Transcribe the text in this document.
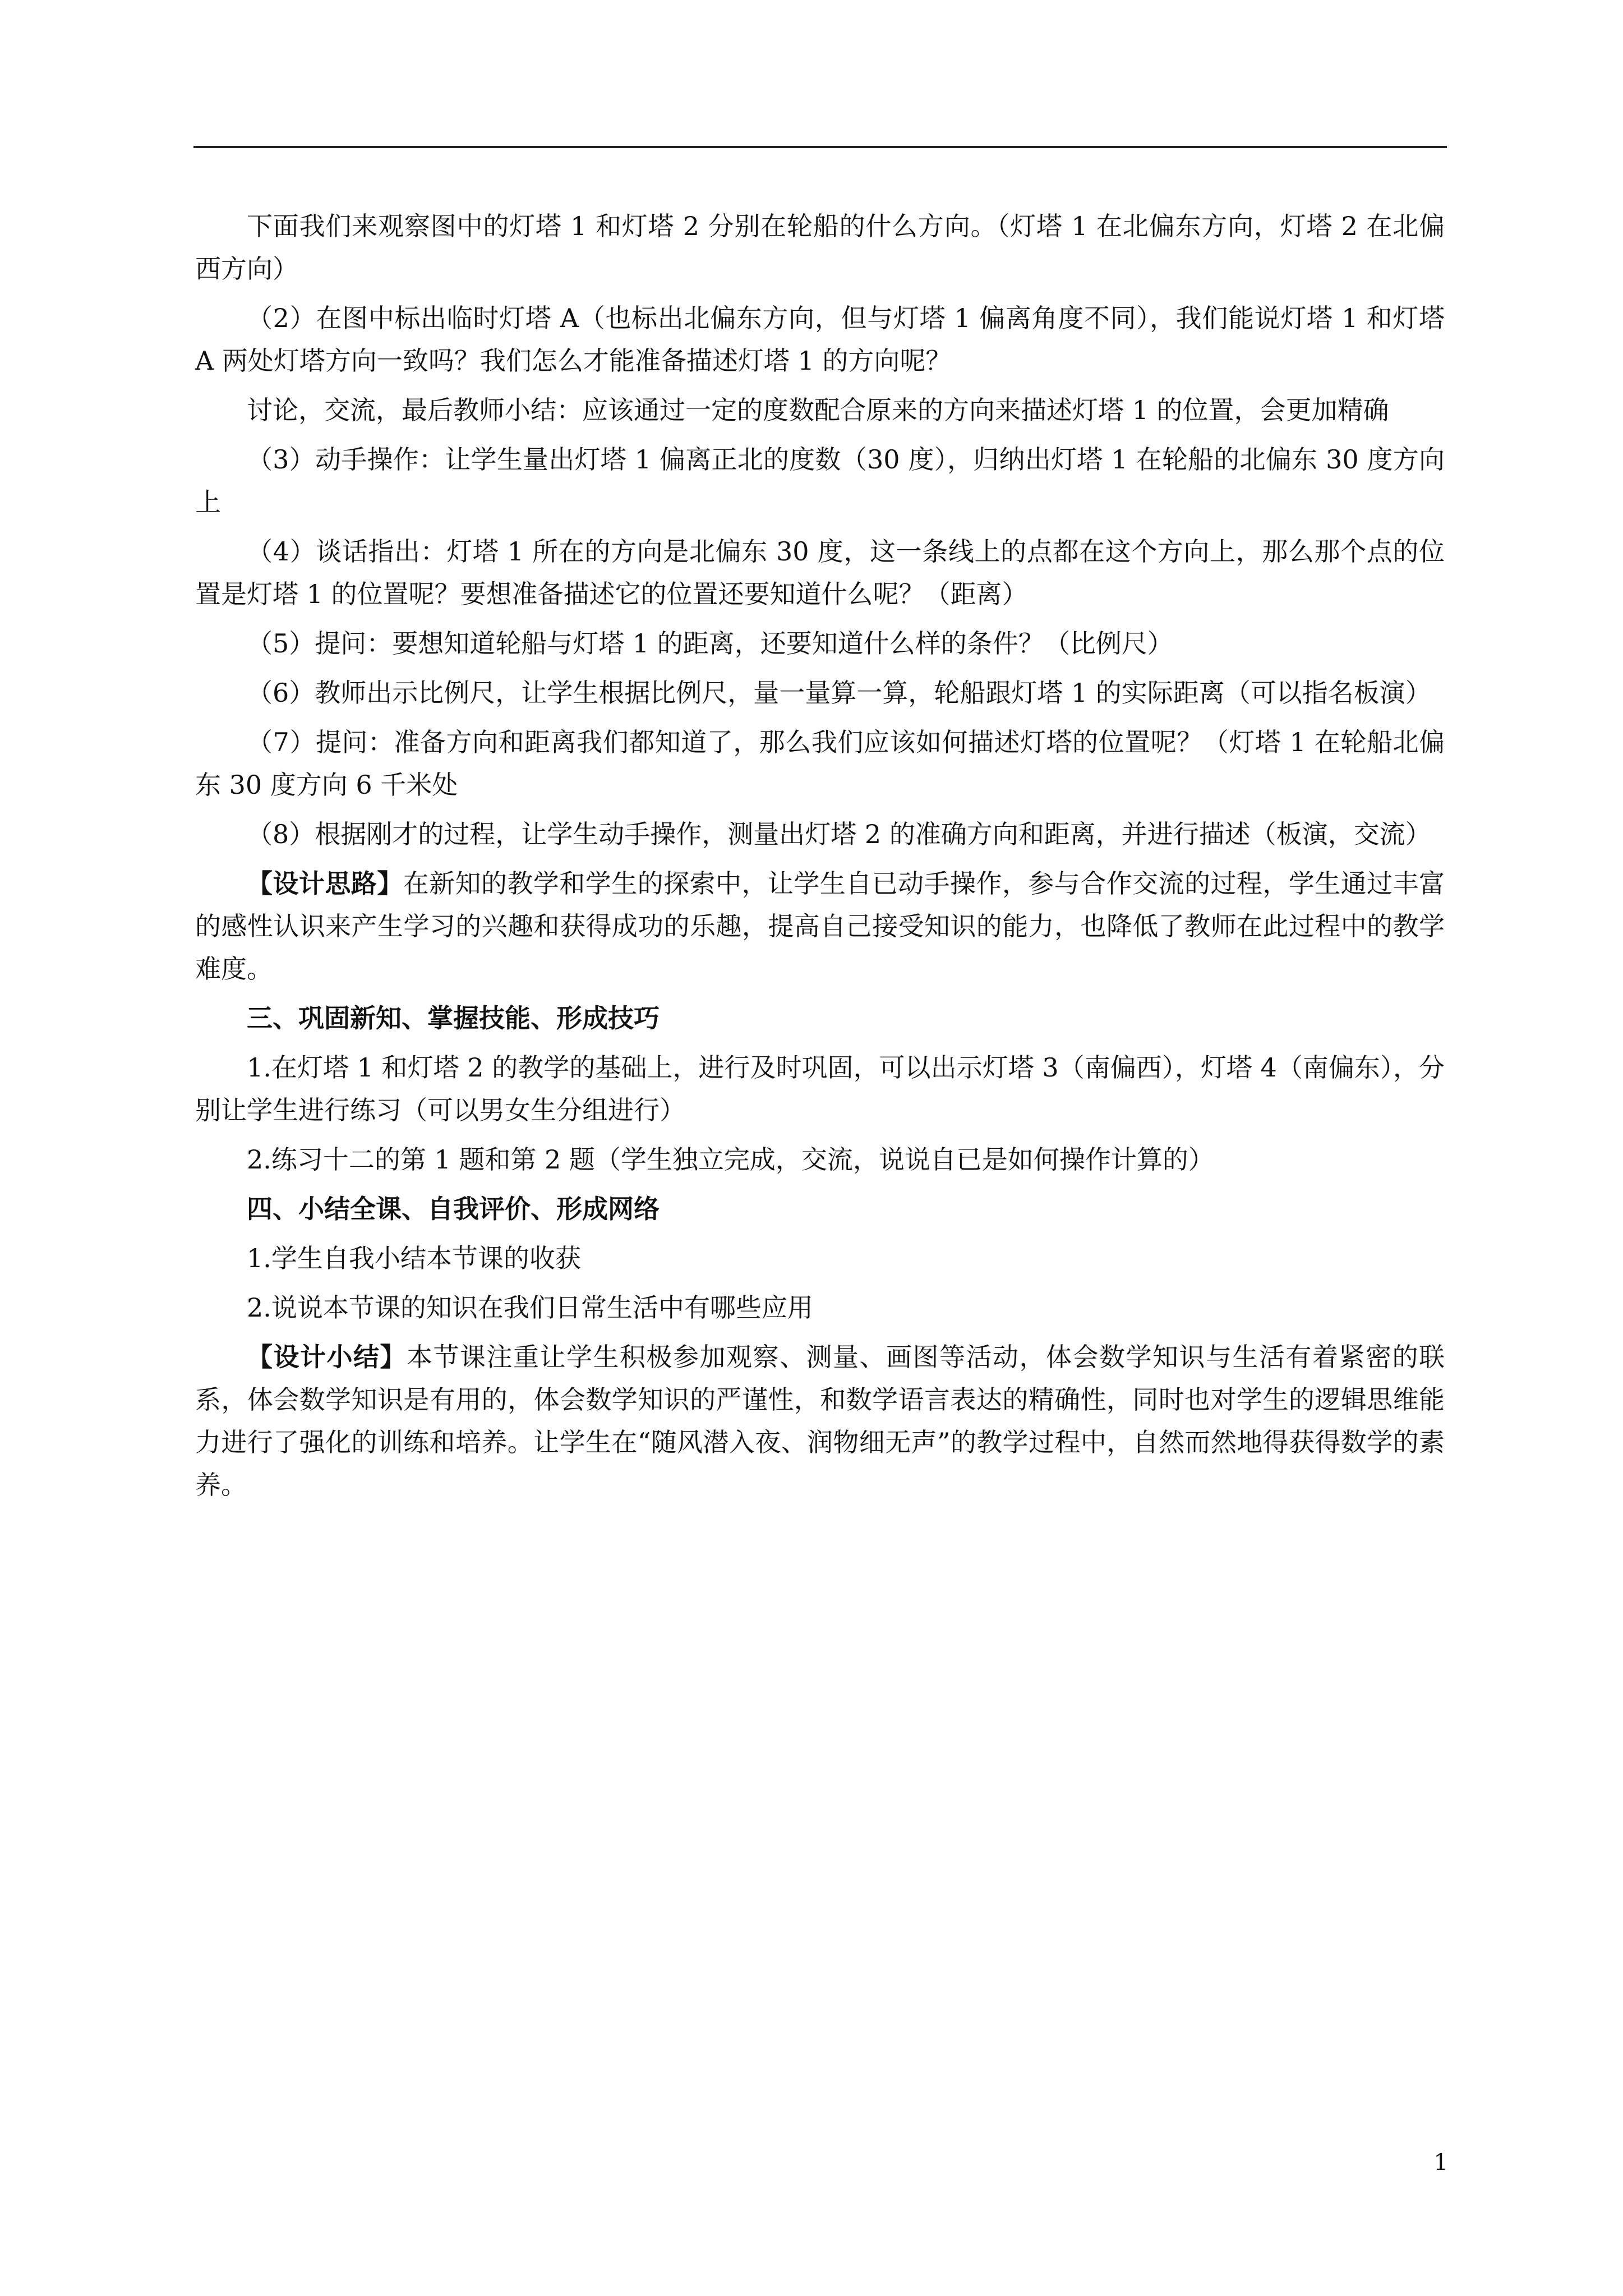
下面我们来观察图中的灯塔 1 和灯塔 2 分别在轮船的什么方向。（灯塔 1 在北偏东方向，灯塔 2 在北偏西方向）

（2）在图中标出临时灯塔 A（也标出北偏东方向，但与灯塔 1 偏离角度不同），我们能说灯塔 1 和灯塔 A 两处灯塔方向一致吗？我们怎么才能准备描述灯塔 1 的方向呢？

讨论，交流，最后教师小结：应该通过一定的度数配合原来的方向来描述灯塔 1 的位置，会更加精确

（3）动手操作：让学生量出灯塔 1 偏离正北的度数（30 度），归纳出灯塔 1 在轮船的北偏东 30 度方向上

（4）谈话指出：灯塔 1 所在的方向是北偏东 30 度，这一条线上的点都在这个方向上，那么那个点的位置是灯塔 1 的位置呢？要想准备描述它的位置还要知道什么呢？（距离）

（5）提问：要想知道轮船与灯塔 1 的距离，还要知道什么样的条件？（比例尺）

（6）教师出示比例尺，让学生根据比例尺，量一量算一算，轮船跟灯塔 1 的实际距离（可以指名板演）

（7）提问：准备方向和距离我们都知道了，那么我们应该如何描述灯塔的位置呢？（灯塔 1 在轮船北偏东 30 度方向 6 千米处

（8）根据刚才的过程，让学生动手操作，测量出灯塔 2 的准确方向和距离，并进行描述（板演，交流）

【设计思路】在新知的教学和学生的探索中，让学生自已动手操作，参与合作交流的过程，学生通过丰富的感性认识来产生学习的兴趣和获得成功的乐趣，提高自己接受知识的能力，也降低了教师在此过程中的教学难度。

三、巩固新知、掌握技能、形成技巧

1.在灯塔 1 和灯塔 2 的教学的基础上，进行及时巩固，可以出示灯塔 3（南偏西），灯塔 4（南偏东），分别让学生进行练习（可以男女生分组进行）

2.练习十二的第 1 题和第 2 题（学生独立完成，交流，说说自已是如何操作计算的）

四、小结全课、自我评价、形成网络

1.学生自我小结本节课的收获

2.说说本节课的知识在我们日常生活中有哪些应用

【设计小结】本节课注重让学生积极参加观察、测量、画图等活动，体会数学知识与生活有着紧密的联系，体会数学知识是有用的，体会数学知识的严谨性，和数学语言表达的精确性，同时也对学生的逻辑思维能力进行了强化的训练和培养。让学生在“随风潜入夜、润物细无声”的教学过程中，自然而然地得获得数学的素养。

1
